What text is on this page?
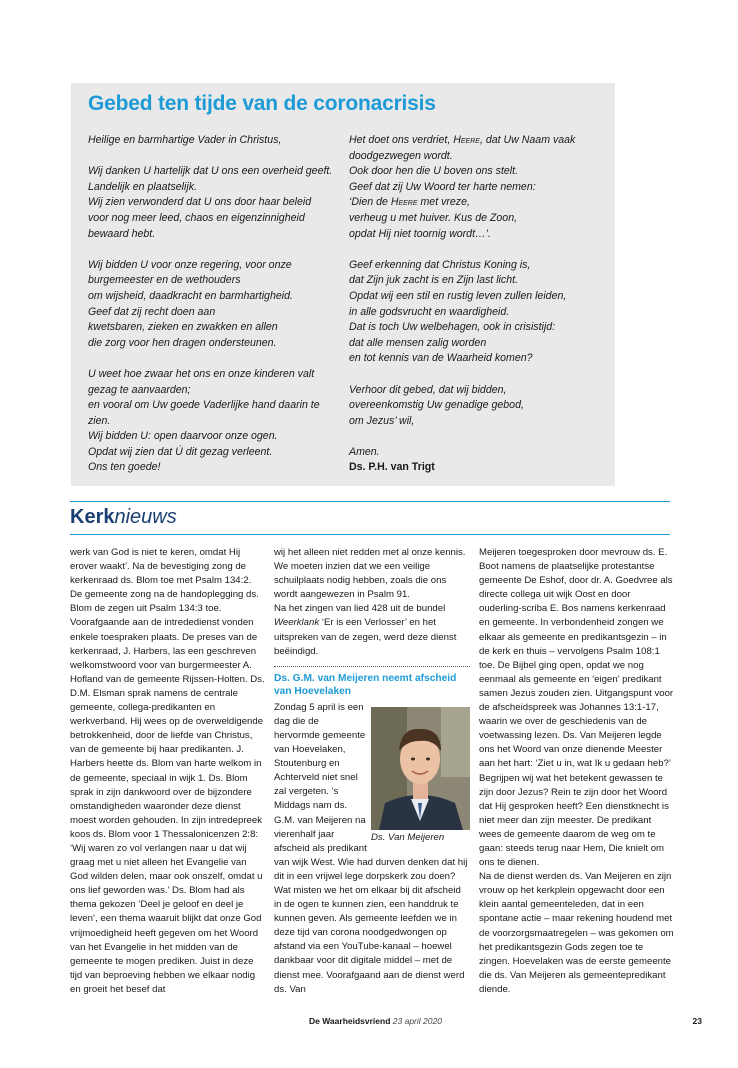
Gebed ten tijde van de coronacrisis

Heilige en barmhartige Vader in Christus,

Wij danken U hartelijk dat U ons een overheid geeft.
Landelijk en plaatselijk.
Wij zien verwonderd dat U ons door haar beleid
voor nog meer leed, chaos en eigenzinnigheid
bewaard hebt.

Wij bidden U voor onze regering, voor onze
burgemeester en de wethouders
om wijsheid, daadkracht en barmhartigheid.
Geef dat zij recht doen aan
kwetsbaren, zieken en zwakken en allen
die zorg voor hen dragen ondersteunen.

U weet hoe zwaar het ons en onze kinderen valt
gezag te aanvaarden;
en vooral om Uw goede Vaderlijke hand daarin te
zien.
Wij bidden U: open daarvoor onze ogen.
Opdat wij zien dat Ú dit gezag verleent.
Ons ten goede!

Het doet ons verdriet, Heere, dat Uw Naam vaak
doodgezwegen wordt.
Ook door hen die U boven ons stelt.
Geef dat zij Uw Woord ter harte nemen:
‘Dien de Heere met vreze,
verheug u met huiver. Kus de Zoon,
opdat Hij niet toornig wordt…’.

Geef erkenning dat Christus Koning is,
dat Zijn juk zacht is en Zijn last licht.
Opdat wij een stil en rustig leven zullen leiden,
in alle godsvrucht en waardigheid.
Dat is toch Uw welbehagen, ook in crisistijd:
dat alle mensen zalig worden
en tot kennis van de Waarheid komen?

Verhoor dit gebed, dat wij bidden,
overeenkomstig Uw genadige gebod,
om Jezus’ wil,

Amen.
Ds. P.H. van Trigt

Kerknieuws

werk van God is niet te keren, omdat Hij erover waakt’. Na de bevestiging zong de kerkenraad ds. Blom toe met Psalm 134:2. De gemeente zong na de handoplegging ds. Blom de zegen uit Psalm 134:3 toe. Voorafgaande aan de intrededienst vonden enkele toespraken plaats. De preses van de kerkenraad, J. Harbers, las een geschreven welkomstwoord voor van burgermeester A. Hofland van de gemeente Rijssen-Holten. Ds. D.M. Elsman sprak namens de centrale gemeente, collega-predikanten en werkverband. Hij wees op de overweldigende betrokkenheid, door de liefde van Christus, van de gemeente bij haar predikanten. J. Harbers heette ds. Blom van harte welkom in de gemeente, speciaal in wijk 1. Ds. Blom sprak in zijn dankwoord over de bijzondere omstandigheden waaronder deze dienst moest worden gehouden. In zijn intredepreek koos ds. Blom voor 1 Thessalonicenzen 2:8: ‘Wij waren zo vol verlangen naar u dat wij graag met u niet alleen het Evangelie van God wilden delen, maar ook onszelf, omdat u ons lief geworden was.’ Ds. Blom had als thema gekozen ‘Deel je geloof en deel je leven’, een thema waaruit blijkt dat onze God vrijmoedigheid heeft gegeven om het Woord van het Evangelie in het midden van de gemeente te mogen prediken. Juist in deze tijd van beproeving hebben we elkaar nodig en groeit het besef dat

wij het alleen niet redden met al onze kennis. We moeten inzien dat we een veilige schuilplaats nodig hebben, zoals die ons wordt aangewezen in Psalm 91.

Na het zingen van lied 428 uit de bundel Weerklank ‘Er is een Verlosser’ en het uitspreken van de zegen, werd deze dienst beëindigd.

Ds. G.M. van Meijeren neemt afscheid van Hoevelaken
Ds. Van Meijeren

Zondag 5 april is een dag die de hervormde gemeente van Hoevelaken, Stoutenburg en Achterveld niet snel zal vergeten. ’s Middags nam ds. G.M. van Meijeren na vierenhalf jaar afscheid als predikant van wijk West. Wie had durven denken dat hij dit in een vrijwel lege dorpskerk zou doen? Wat misten we het om elkaar bij dit afscheid in de ogen te kunnen zien, een handdruk te kunnen geven. Als gemeente leefden we in deze tijd van corona noodgedwongen op afstand via een YouTube-kanaal – hoewel dankbaar voor dit digitale middel – met de dienst mee. Voorafgaand aan de dienst werd ds. Van

Meijeren toegesproken door mevrouw ds. E. Boot namens de plaatselijke protestantse gemeente De Eshof, door dr. A. Goedvree als directe collega uit wijk Oost en door ouderling-scriba E. Bos namens kerkenraad en gemeente. In verbondenheid zongen we elkaar als gemeente en predikantsgezin – in de kerk en thuis – vervolgens Psalm 108:1 toe. De Bijbel ging open, opdat we nog eenmaal als gemeente en ‘eigen’ predikant samen Jezus zouden zien. Uitgangspunt voor de afscheidspreek was Johannes 13:1-17, waarin we over de geschiedenis van de voetwassing lezen. Ds. Van Meijeren legde ons het Woord van onze dienende Meester aan het hart: ‘Ziet u in, wat Ik u gedaan heb?’ Begrijpen wij wat het betekent gewassen te zijn door Jezus? Rein te zijn door het Woord dat Hij gesproken heeft? Een dienstknecht is niet meer dan zijn meester. De predikant wees de gemeente daarom de weg om te gaan: steeds terug naar Hem, Die knielt om ons te dienen.

Na de dienst werden ds. Van Meijeren en zijn vrouw op het kerkplein opgewacht door een klein aantal gemeenteleden, dat in een spontane actie – maar rekening houdend met de voorzorgsmaatregelen – was gekomen om het predikantsgezin Gods zegen toe te zingen. Hoevelaken was de eerste gemeente die ds. Van Meijeren als gemeentepredikant diende.

De Waarheidsvriend 23 april 2020	23
